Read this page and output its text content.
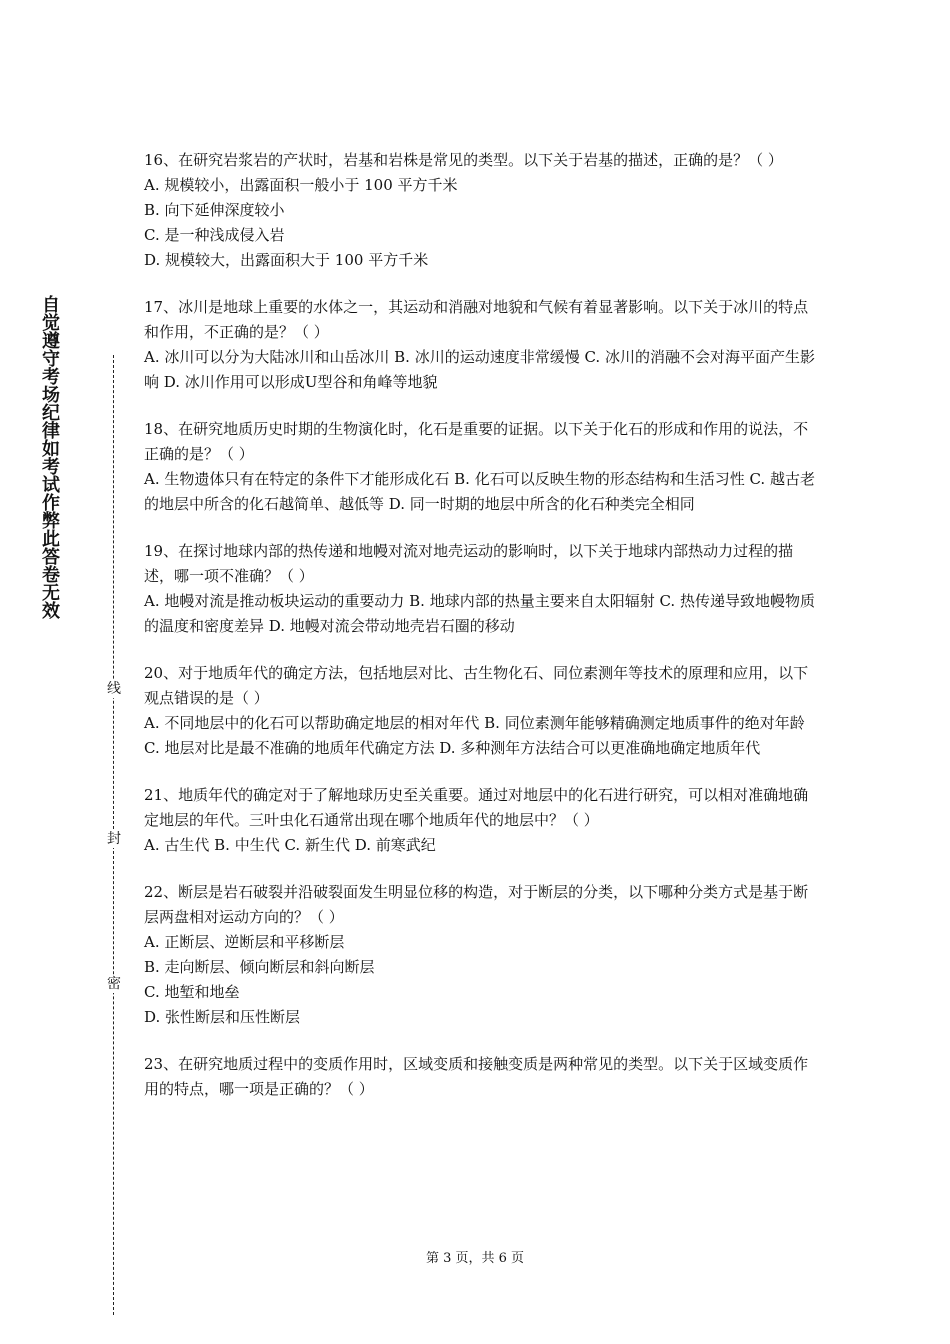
自觉遵守考场纪律如考试作弊此答卷无效
线
封
密

16、在研究岩浆岩的产状时，岩基和岩株是常见的类型。以下关于岩基的描述，正确的是？（ ）

A. 规模较小，出露面积一般小于 100 平方千米

B. 向下延伸深度较小

C. 是一种浅成侵入岩

D. 规模较大，出露面积大于 100 平方千米

17、冰川是地球上重要的水体之一，其运动和消融对地貌和气候有着显著影响。以下关于冰川的特点和作用，不正确的是？（ ）

A. 冰川可以分为大陆冰川和山岳冰川 B. 冰川的运动速度非常缓慢 C. 冰川的消融不会对海平面产生影响 D. 冰川作用可以形成U型谷和角峰等地貌

18、在研究地质历史时期的生物演化时，化石是重要的证据。以下关于化石的形成和作用的说法，不正确的是？（ ）

A. 生物遗体只有在特定的条件下才能形成化石 B. 化石可以反映生物的形态结构和生活习性 C. 越古老的地层中所含的化石越简单、越低等 D. 同一时期的地层中所含的化石种类完全相同

19、在探讨地球内部的热传递和地幔对流对地壳运动的影响时，以下关于地球内部热动力过程的描述，哪一项不准确？（ ）

A. 地幔对流是推动板块运动的重要动力 B. 地球内部的热量主要来自太阳辐射 C. 热传递导致地幔物质的温度和密度差异 D. 地幔对流会带动地壳岩石圈的移动

20、对于地质年代的确定方法，包括地层对比、古生物化石、同位素测年等技术的原理和应用，以下观点错误的是（ ）

A. 不同地层中的化石可以帮助确定地层的相对年代 B. 同位素测年能够精确测定地质事件的绝对年龄 C. 地层对比是最不准确的地质年代确定方法 D. 多种测年方法结合可以更准确地确定地质年代

21、地质年代的确定对于了解地球历史至关重要。通过对地层中的化石进行研究，可以相对准确地确定地层的年代。三叶虫化石通常出现在哪个地质年代的地层中？（ ）

A. 古生代 B. 中生代 C. 新生代 D. 前寒武纪

22、断层是岩石破裂并沿破裂面发生明显位移的构造，对于断层的分类，以下哪种分类方式是基于断层两盘相对运动方向的？（ ）

A. 正断层、逆断层和平移断层

B. 走向断层、倾向断层和斜向断层

C. 地堑和地垒

D. 张性断层和压性断层

23、在研究地质过程中的变质作用时，区域变质和接触变质是两种常见的类型。以下关于区域变质作用的特点，哪一项是正确的？（ ）

第 3 页，共 6 页
